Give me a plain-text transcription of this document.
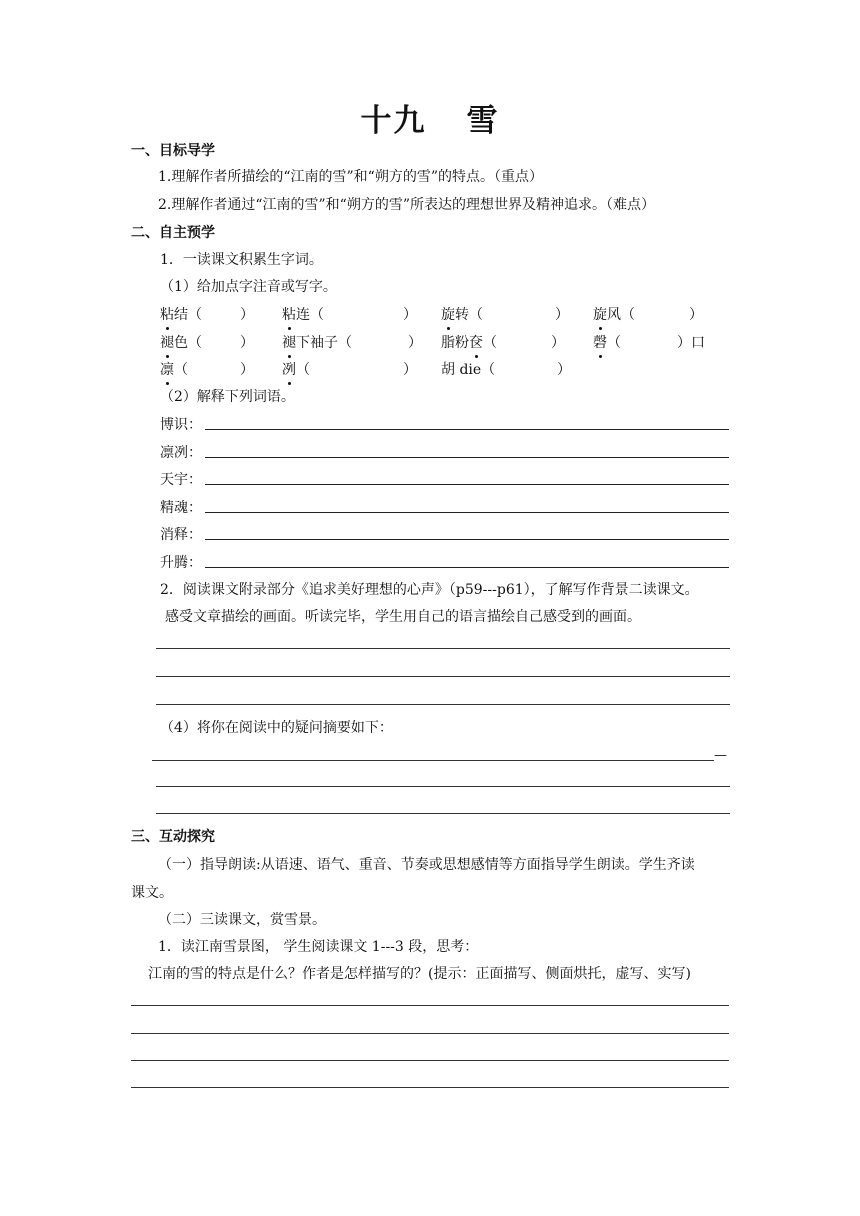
十九 雪
一、目标导学
1.理解作者所描绘的“江南的雪”和“朔方的雪”的特点。（重点）
2.理解作者通过“江南的雪”和“朔方的雪”所表达的理想世界及精神追求。（难点）
二、自主预学
1．一读课文积累生字词。
（1）给加点字注音或写字。
粘结（	） 粘连（	） 旋转（	） 旋风（	）
褪色（	） 褪下袖子（	） 脂粉奁（	） 磬（	）口
凛（	） 冽（	） 胡 die（	）
（2）解释下列词语。
博识：
凛冽：
天宇：
精魂：
消释：
升腾：
2．阅读课文附录部分《追求美好理想的心声》（p59---p61），了解写作背景二读课文。
感受文章描绘的画面。听读完毕，学生用自己的语言描绘自己感受到的画面。
（4）将你在阅读中的疑问摘要如下：
—
三、互动探究
（一）指导朗读:从语速、语气、重音、节奏或思想感情等方面指导学生朗读。学生齐读
课文。
（二）三读课文，赏雪景。
1．读江南雪景图， 学生阅读课文 1---3 段，思考：
江南的雪的特点是什么？作者是怎样描写的？(提示：正面描写、侧面烘托，虚写、实写)
